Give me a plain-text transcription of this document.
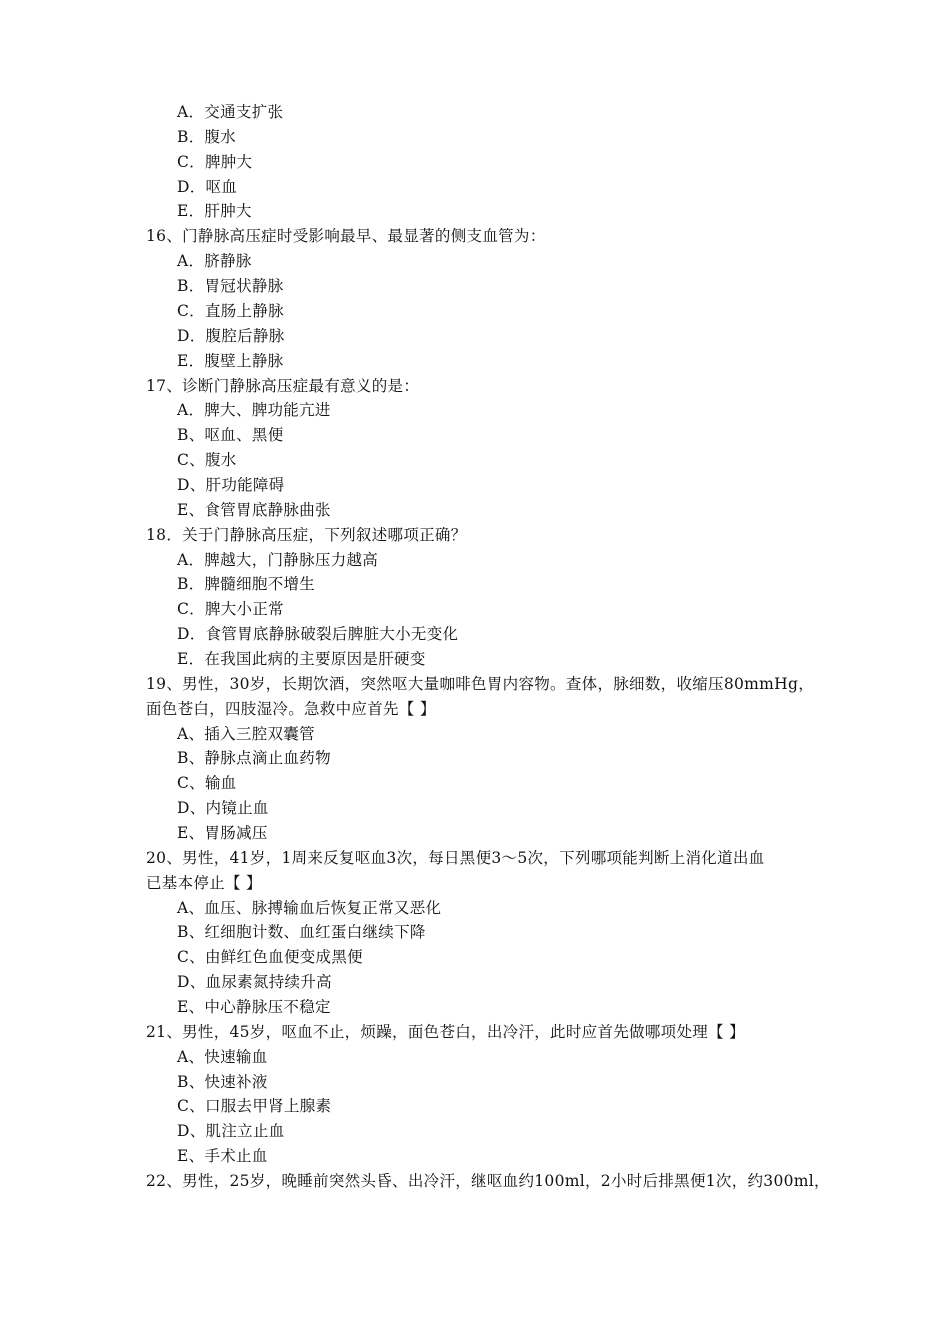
A．交通支扩张
B．腹水
C．脾肿大
D．呕血
E．肝肿大
16、门静脉高压症时受影响最早、最显著的侧支血管为：
A．脐静脉
B．胃冠状静脉
C．直肠上静脉
D．腹腔后静脉
E．腹壁上静脉
17、诊断门静脉高压症最有意义的是：
A．脾大、脾功能亢进
B、呕血、黑便
C、腹水
D、肝功能障碍
E、食管胃底静脉曲张
18．关于门静脉高压症，下列叙述哪项正确？
A．脾越大，门静脉压力越高
B．脾髓细胞不增生
C．脾大小正常
D．食管胃底静脉破裂后脾脏大小无变化
E．在我国此病的主要原因是肝硬变
19、男性，30岁，长期饮酒，突然呕大量咖啡色胃内容物。查体，脉细数，收缩压80mmHg，
面色苍白，四肢湿冷。急救中应首先【 】
A、插入三腔双囊管
B、静脉点滴止血药物
C、输血
D、内镜止血
E、胃肠减压
20、男性，41岁，1周来反复呕血3次，每日黑便3～5次，下列哪项能判断上消化道出血
已基本停止【 】
A、血压、脉搏输血后恢复正常又恶化
B、红细胞计数、血红蛋白继续下降
C、由鲜红色血便变成黑便
D、血尿素氮持续升高
E、中心静脉压不稳定
21、男性，45岁，呕血不止，烦躁，面色苍白，出冷汗，此时应首先做哪项处理【 】
A、快速输血
B、快速补液
C、口服去甲肾上腺素
D、肌注立止血
E、手术止血
22、男性，25岁，晚睡前突然头昏、出冷汗，继呕血约100ml，2小时后排黑便1次，约300ml，
